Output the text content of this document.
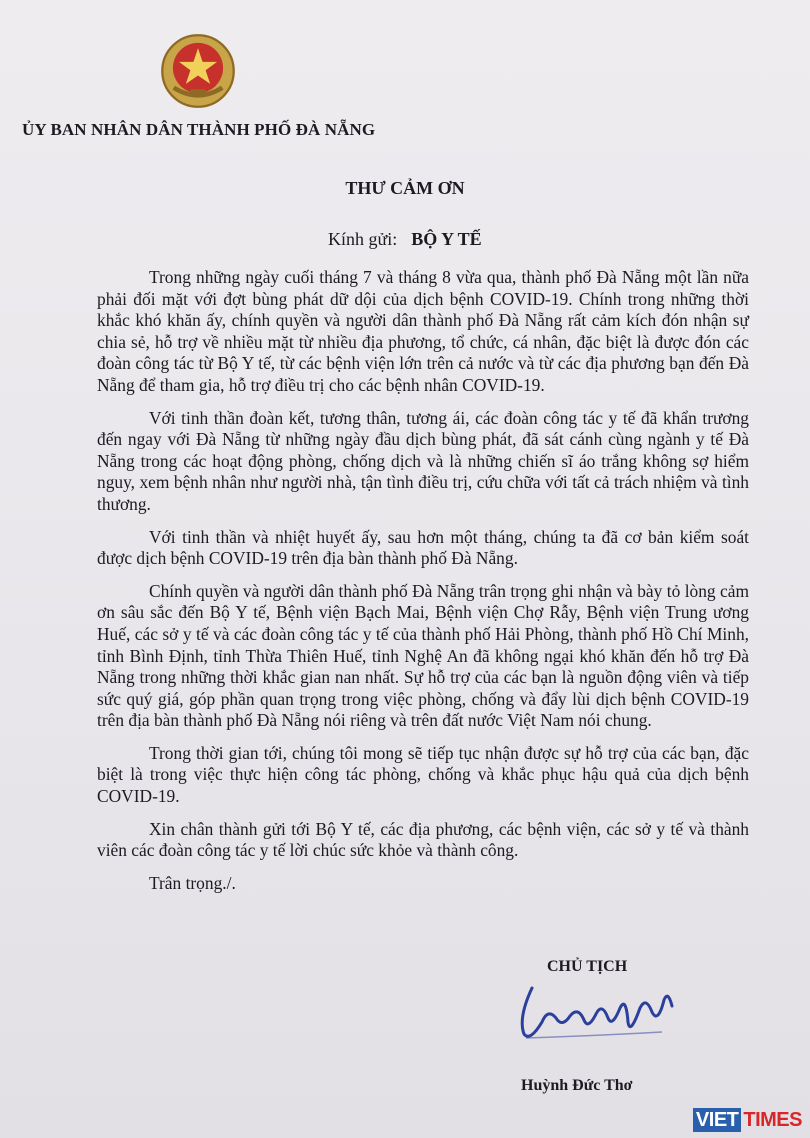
ỦY BAN NHÂN DÂN THÀNH PHỐ ĐÀ NẴNG
THƯ CẢM ƠN
Kính gửi: BỘ Y TẾ

Trong những ngày cuối tháng 7 và tháng 8 vừa qua, thành phố Đà Nẵng một lần nữa phải đối mặt với đợt bùng phát dữ dội của dịch bệnh COVID-19. Chính trong những thời khắc khó khăn ấy, chính quyền và người dân thành phố Đà Nẵng rất cảm kích đón nhận sự chia sẻ, hỗ trợ về nhiều mặt từ nhiều địa phương, tổ chức, cá nhân, đặc biệt là được đón các đoàn công tác từ Bộ Y tế, từ các bệnh viện lớn trên cả nước và từ các địa phương bạn đến Đà Nẵng để tham gia, hỗ trợ điều trị cho các bệnh nhân COVID-19.

Với tinh thần đoàn kết, tương thân, tương ái, các đoàn công tác y tế đã khẩn trương đến ngay với Đà Nẵng từ những ngày đầu dịch bùng phát, đã sát cánh cùng ngành y tế Đà Nẵng trong các hoạt động phòng, chống dịch và là những chiến sĩ áo trắng không sợ hiểm nguy, xem bệnh nhân như người nhà, tận tình điều trị, cứu chữa với tất cả trách nhiệm và tình thương.

Với tinh thần và nhiệt huyết ấy, sau hơn một tháng, chúng ta đã cơ bản kiểm soát được dịch bệnh COVID-19 trên địa bàn thành phố Đà Nẵng.

Chính quyền và người dân thành phố Đà Nẵng trân trọng ghi nhận và bày tỏ lòng cảm ơn sâu sắc đến Bộ Y tế, Bệnh viện Bạch Mai, Bệnh viện Chợ Rẫy, Bệnh viện Trung ương Huế, các sở y tế và các đoàn công tác y tế của thành phố Hải Phòng, thành phố Hồ Chí Minh, tỉnh Bình Định, tỉnh Thừa Thiên Huế, tỉnh Nghệ An đã không ngại khó khăn đến hỗ trợ Đà Nẵng trong những thời khắc gian nan nhất. Sự hỗ trợ của các bạn là nguồn động viên và tiếp sức quý giá, góp phần quan trọng trong việc phòng, chống và đẩy lùi dịch bệnh COVID-19 trên địa bàn thành phố Đà Nẵng nói riêng và trên đất nước Việt Nam nói chung.

Trong thời gian tới, chúng tôi mong sẽ tiếp tục nhận được sự hỗ trợ của các bạn, đặc biệt là trong việc thực hiện công tác phòng, chống và khắc phục hậu quả của dịch bệnh COVID-19.

Xin chân thành gửi tới Bộ Y tế, các địa phương, các bệnh viện, các sở y tế và thành viên các đoàn công tác y tế lời chúc sức khỏe và thành công.

Trân trọng./.

CHỦ TỊCH
Huỳnh Đức Thơ
VIET TIMES
